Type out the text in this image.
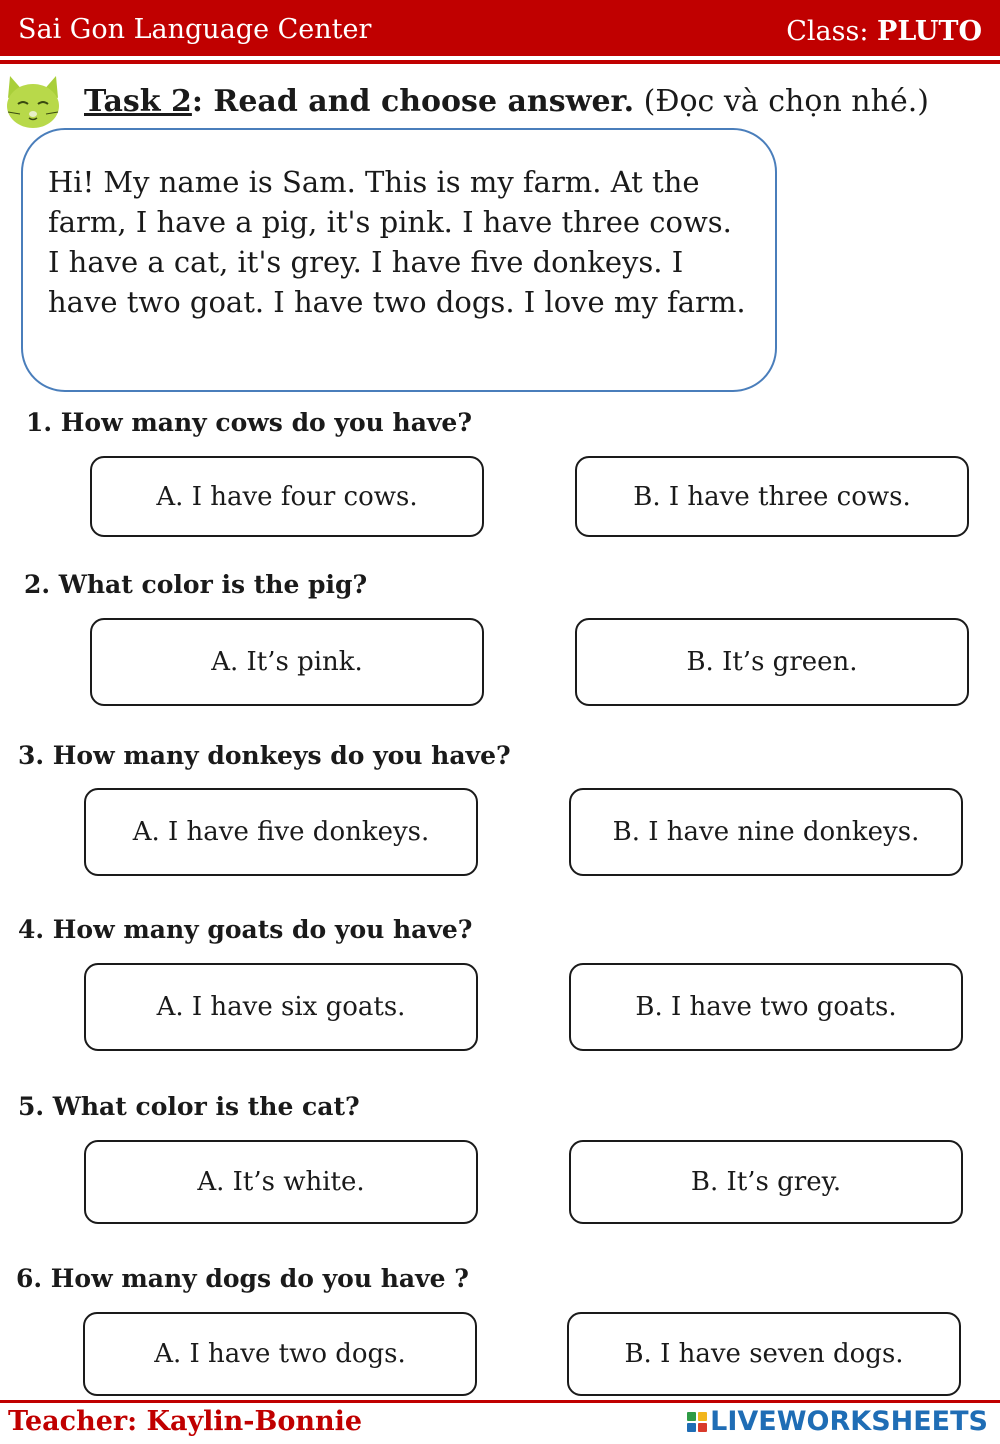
Sai Gon Language Center	Class: PLUTO
Task 2: Read and choose answer. (Đọc và chọn nhé.)

Hi! My name is Sam. This is my farm. At the farm, I have a pig, it's pink. I have three cows. I have a cat, it's grey. I have five donkeys. I have two goat. I have two dogs. I love my farm.

1. How many cows do you have?
A. I have four cows.	B. I have three cows.
2. What color is the pig?
A. It’s pink.	B. It’s green.
3. How many donkeys do you have?
A. I have five donkeys.	B. I have nine donkeys.
4. How many goats do you have?
A. I have six goats.	B. I have two goats.
5. What color is the cat?
A. It’s white.	B. It’s grey.
6. How many dogs do you have ?
A. I have two dogs.	B. I have seven dogs.
Teacher: Kaylin-Bonnie	LIVEWORKSHEETS
